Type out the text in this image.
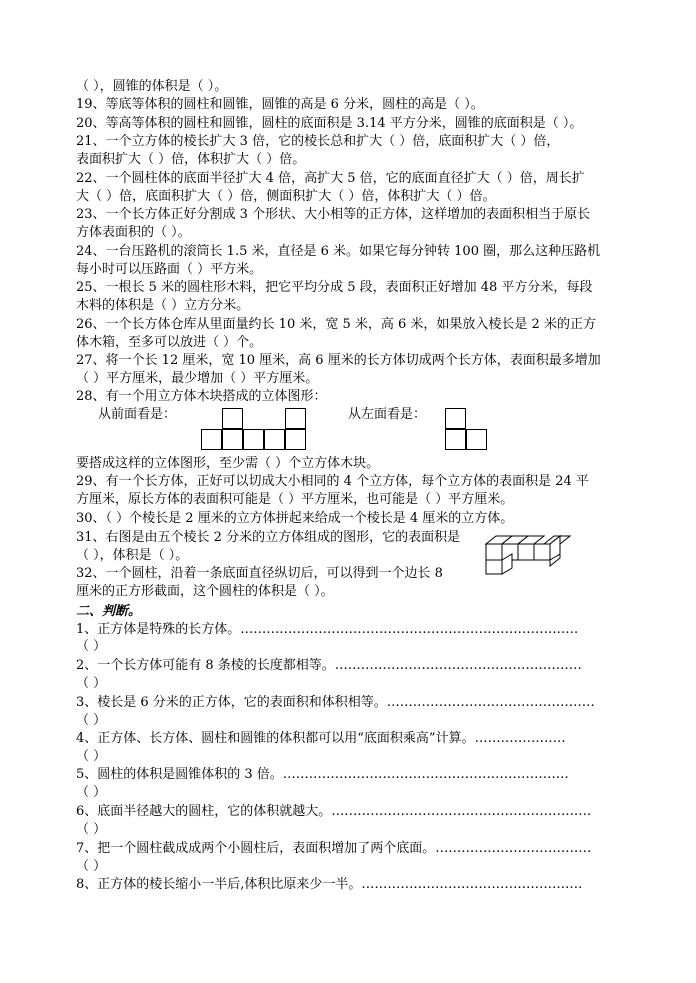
（ ），圆锥的体积是（ ）。
19、等底等体积的圆柱和圆锥，圆锥的高是 6 分米，圆柱的高是（ ）。
20、等高等体积的圆柱和圆锥，圆柱的底面积是 3.14 平方分米，圆锥的底面积是（ ）。
21、一个立方体的棱长扩大 3 倍，它的棱长总和扩大（ ）倍，底面积扩大（ ）倍，
表面积扩大（ ）倍，体积扩大（ ）倍。
22、一个圆柱体的底面半径扩大 4 倍，高扩大 5 倍，它的底面直径扩大（ ）倍，周长扩
大（ ）倍，底面积扩大（ ）倍，侧面积扩大（ ）倍，体积扩大（ ）倍。
23、一个长方体正好分割成 3 个形状、大小相等的正方体，这样增加的表面积相当于原长
方体表面积的（ ）。
24、一台压路机的滚筒长 1.5 米，直径是 6 米。如果它每分钟转 100 圈，那么这种压路机
每小时可以压路面（ ）平方米。
25、一根长 5 米的圆柱形木料，把它平均分成 5 段，表面积正好增加 48 平方分米，每段
木料的体积是（ ）立方分米。
26、一个长方体仓库从里面量约长 10 米，宽 5 米，高 6 米，如果放入棱长是 2 米的正方
体木箱，至多可以放进（ ）个。
27、将一个长 12 厘米，宽 10 厘米，高 6 厘米的长方体切成两个长方体，表面积最多增加
（ ）平方厘米，最少增加（ ）平方厘米。
28、有一个用立方体木块搭成的立体图形：
从前面看是：	从左面看是：
要搭成这样的立体图形，至少需（ ）个立方体木块。
29、有一个长方体，正好可以切成大小相同的 4 个立方体，每个立方体的表面积是 24 平
方厘米，原长方体的表面积可能是（ ）平方厘米，也可能是（ ）平方厘米。
30、（ ）个棱长是 2 厘米的立方体拼起来给成一个棱长是 4 厘米的立方体。
31、右图是由五个棱长 2 分米的立方体组成的图形，它的表面积是
（ ），体积是（ ）。
32、一个圆柱，沿着一条底面直径纵切后，可以得到一个边长 8
厘米的正方形截面，这个圆柱的体积是（ ）。
二、判断。
1、正方体是特殊的长方体。……………………………………………………………………
（ ）
2、一个长方体可能有 8 条棱的长度都相等。…………………………………………………
（ ）
3、棱长是 6 分米的正方体，它的表面积和体积相等。…………………………………………
（ ）
4、正方体、长方体、圆柱和圆锥的体积都可以用“底面积乘高”计算。…………………
（ ）
5、圆柱的体积是圆锥体积的 3 倍。…………………………………………………………
（ ）
6、底面半径越大的圆柱，它的体积就越大。……………………………………………………
（ ）
7、把一个圆柱截成成两个小圆柱后，表面积增加了两个底面。………………………………
（ ）
8、正方体的棱长缩小一半后,体积比原来少一半。……………………………………………
